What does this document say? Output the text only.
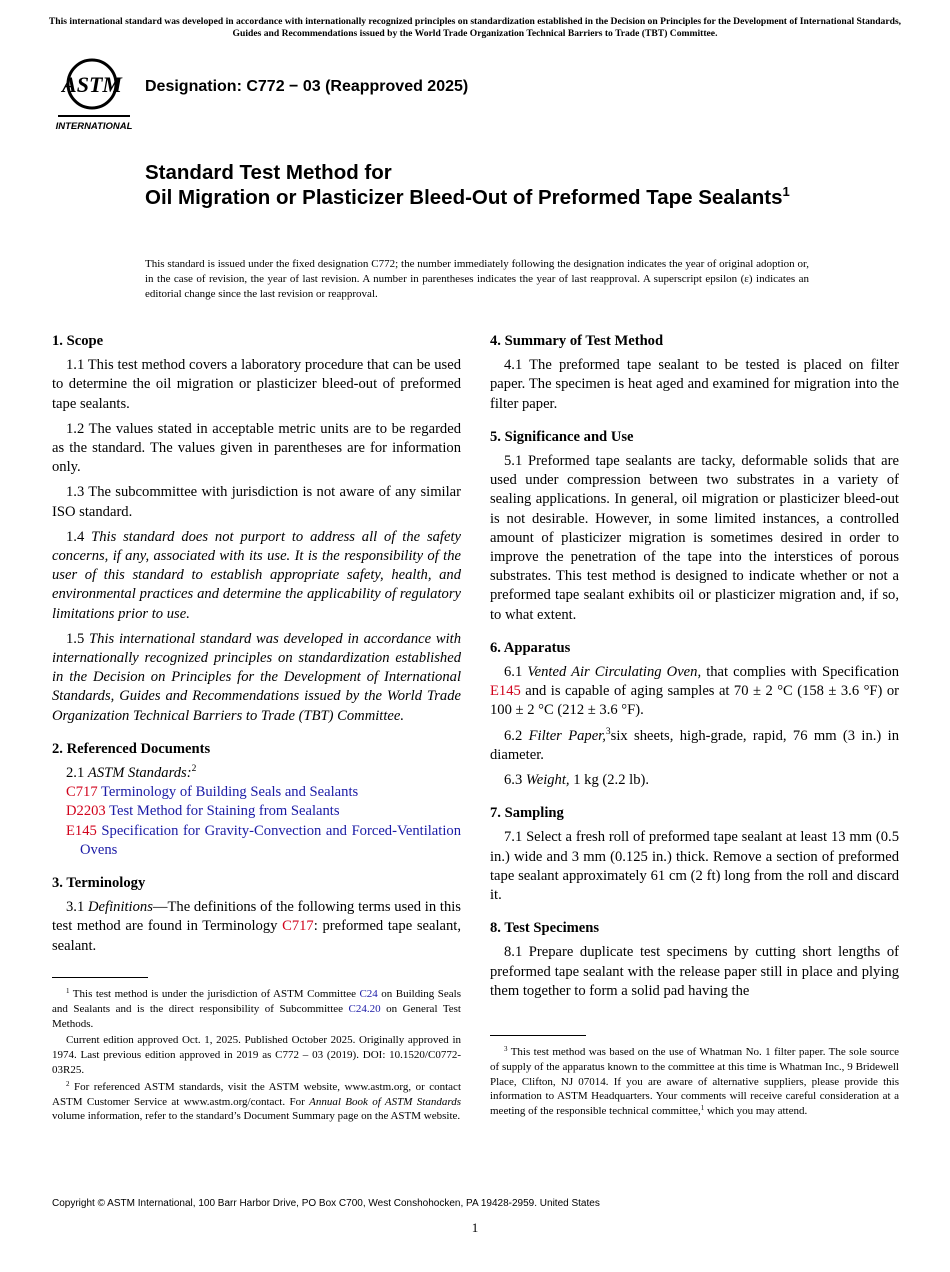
This international standard was developed in accordance with internationally recognized principles on standardization established in the Decision on Principles for the Development of International Standards, Guides and Recommendations issued by the World Trade Organization Technical Barriers to Trade (TBT) Committee.
ASTM
INTERNATIONAL
Designation: C772 − 03 (Reapproved 2025)
Standard Test Method for
Oil Migration or Plasticizer Bleed-Out of Preformed Tape Sealants$^1$
This standard is issued under the fixed designation C772; the number immediately following the designation indicates the year of original adoption or, in the case of revision, the year of last revision. A number in parentheses indicates the year of last reapproval. A superscript epsilon (ε) indicates an editorial change since the last revision or reapproval.
1. Scope

1.1 This test method covers a laboratory procedure that can be used to determine the oil migration or plasticizer bleed-out of preformed tape sealants.

1.2 The values stated in acceptable metric units are to be regarded as the standard. The values given in parentheses are for information only.

1.3 The subcommittee with jurisdiction is not aware of any similar ISO standard.

1.4 This standard does not purport to address all of the safety concerns, if any, associated with its use. It is the responsibility of the user of this standard to establish appropriate safety, health, and environmental practices and determine the applicability of regulatory limitations prior to use.

1.5 This international standard was developed in accordance with internationally recognized principles on standardization established in the Decision on Principles for the Development of International Standards, Guides and Recommendations issued by the World Trade Organization Technical Barriers to Trade (TBT) Committee.

2. Referenced Documents

2.1 ASTM Standards:$^2$

C717 Terminology of Building Seals and Sealants
D2203 Test Method for Staining from Sealants
E145 Specification for Gravity-Convection and Forced-Ventilation Ovens
3. Terminology

3.1 Definitions—The definitions of the following terms used in this test method are found in Terminology C717: preformed tape sealant, sealant.

4. Summary of Test Method

4.1 The preformed tape sealant to be tested is placed on filter paper. The specimen is heat aged and examined for migration into the filter paper.

5. Significance and Use

5.1 Preformed tape sealants are tacky, deformable solids that are used under compression between two substrates in a variety of sealing applications. In general, oil migration or plasticizer bleed-out is not desirable. However, in some limited instances, a controlled amount of plasticizer migration is sometimes desired in order to improve the penetration of the tape into the interstices of porous substrates. This test method is designed to indicate whether or not a preformed tape sealant exhibits oil or plasticizer migration and, if so, to what extent.

6. Apparatus

6.1 Vented Air Circulating Oven, that complies with Specification E145 and is capable of aging samples at 70 ± 2 °C (158 ± 3.6 °F) or 100 ± 2 °C (212 ± 3.6 °F).

6.2 Filter Paper,$^3$six sheets, high-grade, rapid, 76 mm (3 in.) in diameter.

6.3 Weight, 1 kg (2.2 lb).

7. Sampling

7.1 Select a fresh roll of preformed tape sealant at least 13 mm (0.5 in.) wide and 3 mm (0.125 in.) thick. Remove a section of preformed tape sealant approximately 61 cm (2 ft) long from the roll and discard it.

8. Test Specimens

8.1 Prepare duplicate test specimens by cutting short lengths of preformed tape sealant with the release paper still in place and plying them together to form a solid pad having the

$^1$ This test method is under the jurisdiction of ASTM Committee C24 on Building Seals and Sealants and is the direct responsibility of Subcommittee C24.20 on General Test Methods.

Current edition approved Oct. 1, 2025. Published October 2025. Originally approved in 1974. Last previous edition approved in 2019 as C772 – 03 (2019). DOI: 10.1520/C0772-03R25.

$^2$ For referenced ASTM standards, visit the ASTM website, www.astm.org, or contact ASTM Customer Service at www.astm.org/contact. For Annual Book of ASTM Standards volume information, refer to the standard’s Document Summary page on the ASTM website.

$^3$ This test method was based on the use of Whatman No. 1 filter paper. The sole source of supply of the apparatus known to the committee at this time is Whatman Inc., 9 Bridewell Place, Clifton, NJ 07014. If you are aware of alternative suppliers, please provide this information to ASTM Headquarters. Your comments will receive careful consideration at a meeting of the responsible technical committee,$^1$ which you may attend.

Copyright © ASTM International, 100 Barr Harbor Drive, PO Box C700, West Conshohocken, PA 19428-2959. United States
1
